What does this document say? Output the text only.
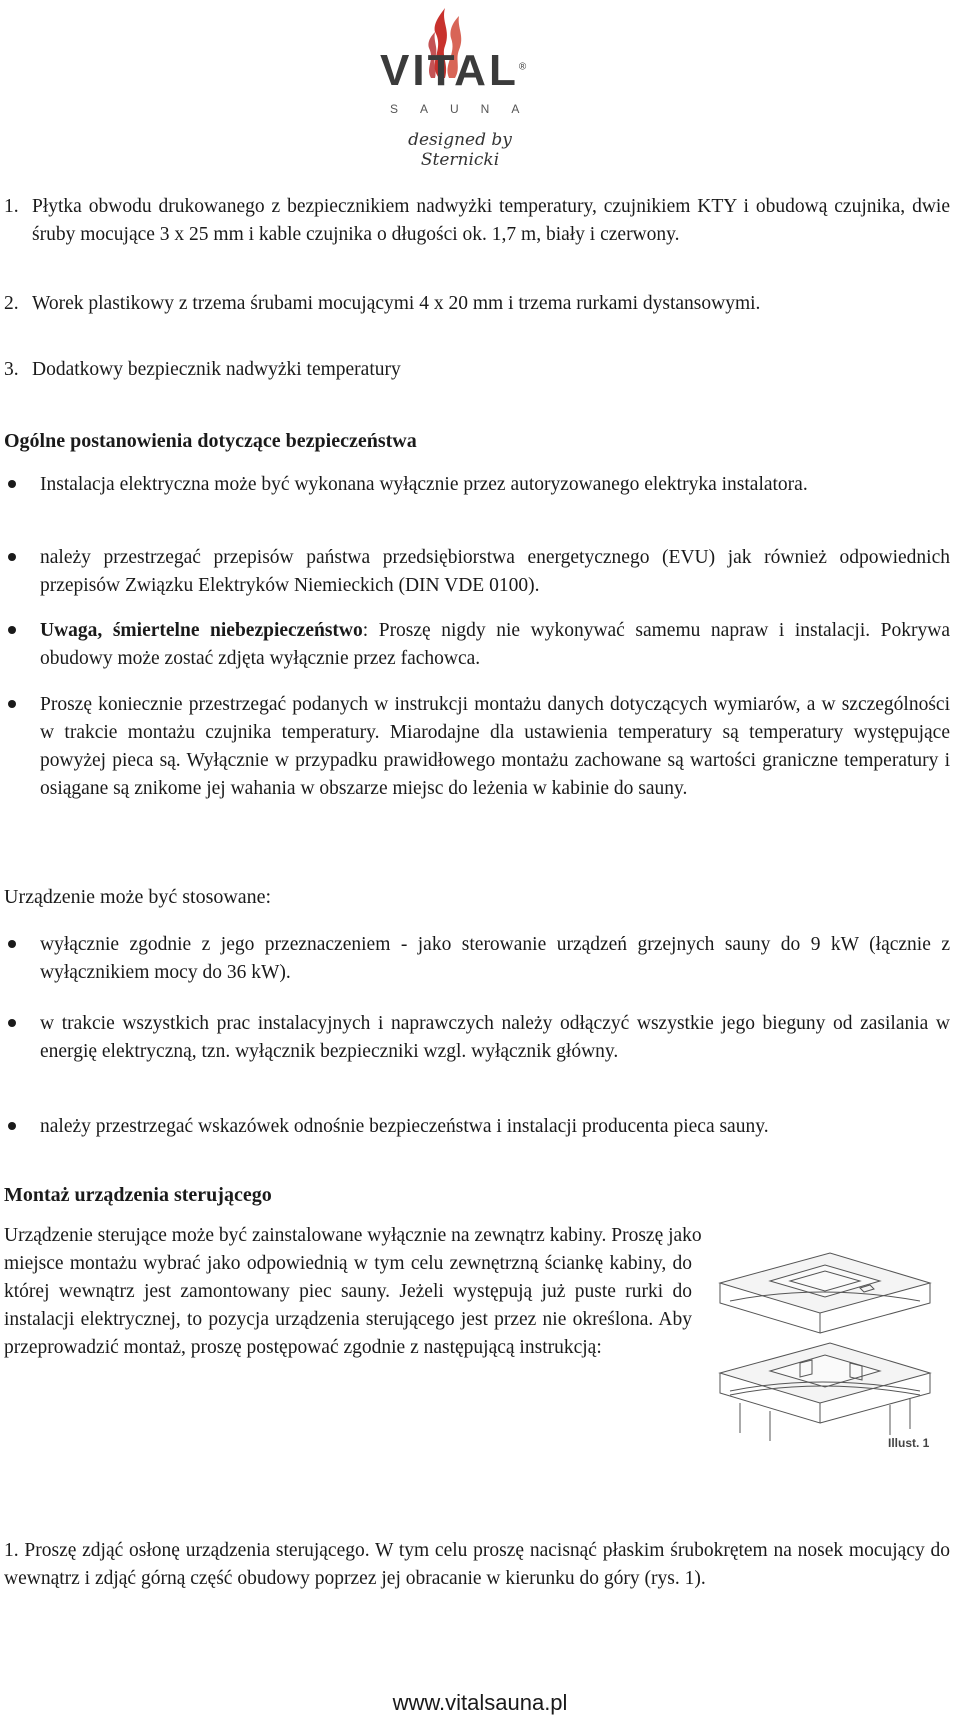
VITAL®
SAUNA
designed by Sternicki
1. Płytka obwodu drukowanego z bezpiecznikiem nadwyżki temperatury, czujnikiem KTY i obudową czujnika, dwie śruby mocujące 3 x 25 mm i kable czujnika o długości ok. 1,7 m, biały i czerwony.
2. Worek plastikowy z trzema śrubami mocującymi 4 x 20 mm i trzema rurkami dystansowymi.
3. Dodatkowy bezpiecznik nadwyżki temperatury
Ogólne postanowienia dotyczące bezpieczeństwa
Instalacja elektryczna może być wykonana wyłącznie przez autoryzowanego elektryka instalatora.
należy przestrzegać przepisów państwa przedsiębiorstwa energetycznego (EVU) jak również odpowiednich przepisów Związku Elektryków Niemieckich (DIN VDE 0100).
Uwaga, śmiertelne niebezpieczeństwo: Proszę nigdy nie wykonywać samemu napraw i instalacji. Pokrywa obudowy może zostać zdjęta wyłącznie przez fachowca.
Proszę koniecznie przestrzegać podanych w instrukcji montażu danych dotyczących wymiarów, a w szczególności w trakcie montażu czujnika temperatury. Miarodajne dla ustawienia temperatury są temperatury występujące powyżej pieca są. Wyłącznie w przypadku prawidłowego montażu zachowane są wartości graniczne temperatury i osiągane są znikome jej wahania w obszarze miejsc do leżenia w kabinie do sauny.
Urządzenie może być stosowane:
wyłącznie zgodnie z jego przeznaczeniem - jako sterowanie urządzeń grzejnych sauny do 9 kW (łącznie z wyłącznikiem mocy do 36 kW).
w trakcie wszystkich prac instalacyjnych i naprawczych należy odłączyć wszystkie jego bieguny od zasilania w energię elektryczną, tzn. wyłącznik bezpieczniki wzgl. wyłącznik główny.
należy przestrzegać wskazówek odnośnie bezpieczeństwa i instalacji producenta pieca sauny.
Montaż urządzenia sterującego
Urządzenie sterujące może być zainstalowane wyłącznie na zewnątrz kabiny. Proszę jako
miejsce montażu wybrać jako odpowiednią w tym celu zewnętrzną ściankę kabiny, do której wewnątrz jest zamontowany piec sauny. Jeżeli występują już puste rurki do instalacji elektrycznej, to pozycja urządzenia sterującego jest przez nie określona. Aby przeprowadzić montaż, proszę postępować zgodnie z następującą instrukcją:
Illust. 1
1. Proszę zdjąć osłonę urządzenia sterującego. W tym celu proszę nacisnąć płaskim śrubokrętem na nosek mocujący do wewnątrz i zdjąć górną część obudowy poprzez jej obracanie w kierunku do góry (rys. 1).
www.vitalsauna.pl
